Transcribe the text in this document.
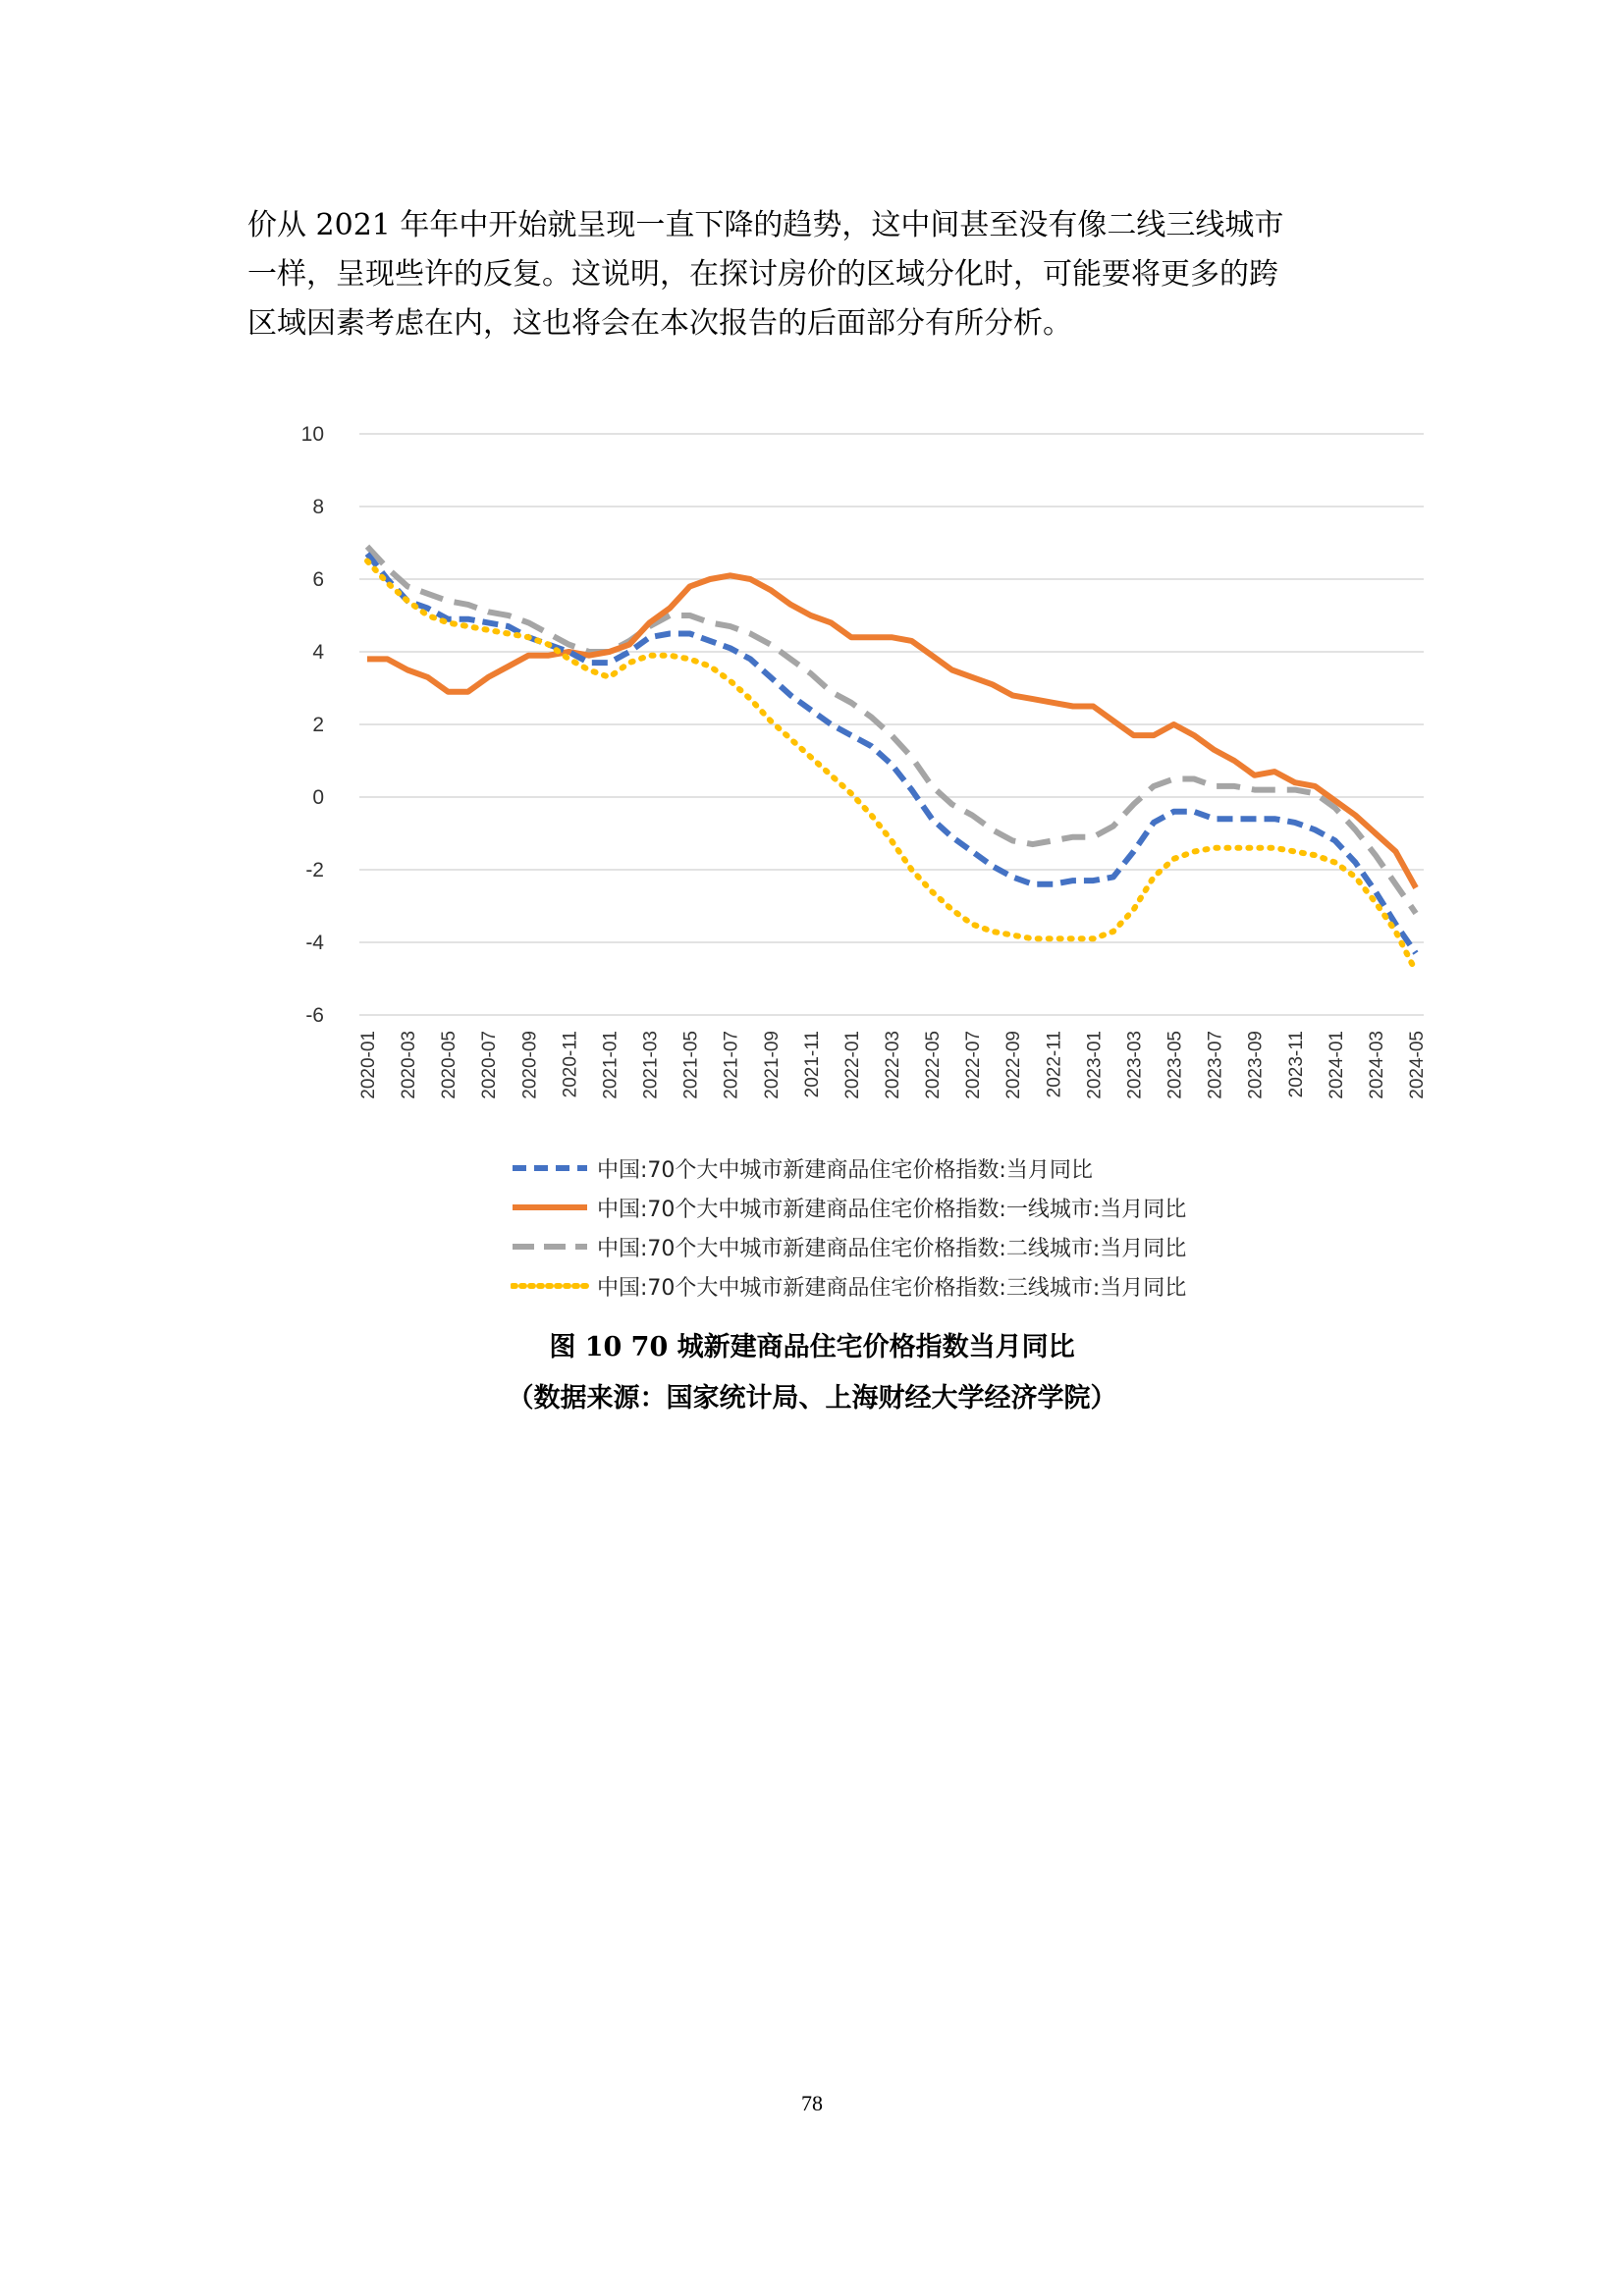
价从 2021 年年中开始就呈现一直下降的趋势，这中间甚至没有像二线三线城市
一样，呈现些许的反复。这说明，在探讨房价的区域分化时，可能要将更多的跨
区域因素考虑在内，这也将会在本次报告的后面部分有所分析。
10
8
6
4
2
0
-2
-4
-6
2020-01 2020-03 2020-05 2020-07 2020-09 2020-11 2021-01 2021-03 2021-05 2021-07 2021-09 2021-11 2022-01 2022-03 2022-05 2022-07 2022-09 2022-11 2023-01 2023-03 2023-05 2023-07 2023-09 2023-11 2024-01 2024-03 2024-05
中国:70个大中城市新建商品住宅价格指数:当月同比
中国:70个大中城市新建商品住宅价格指数:一线城市:当月同比
中国:70个大中城市新建商品住宅价格指数:二线城市:当月同比
中国:70个大中城市新建商品住宅价格指数:三线城市:当月同比
图 10 70 城新建商品住宅价格指数当月同比
（数据来源：国家统计局、上海财经大学经济学院）
78
